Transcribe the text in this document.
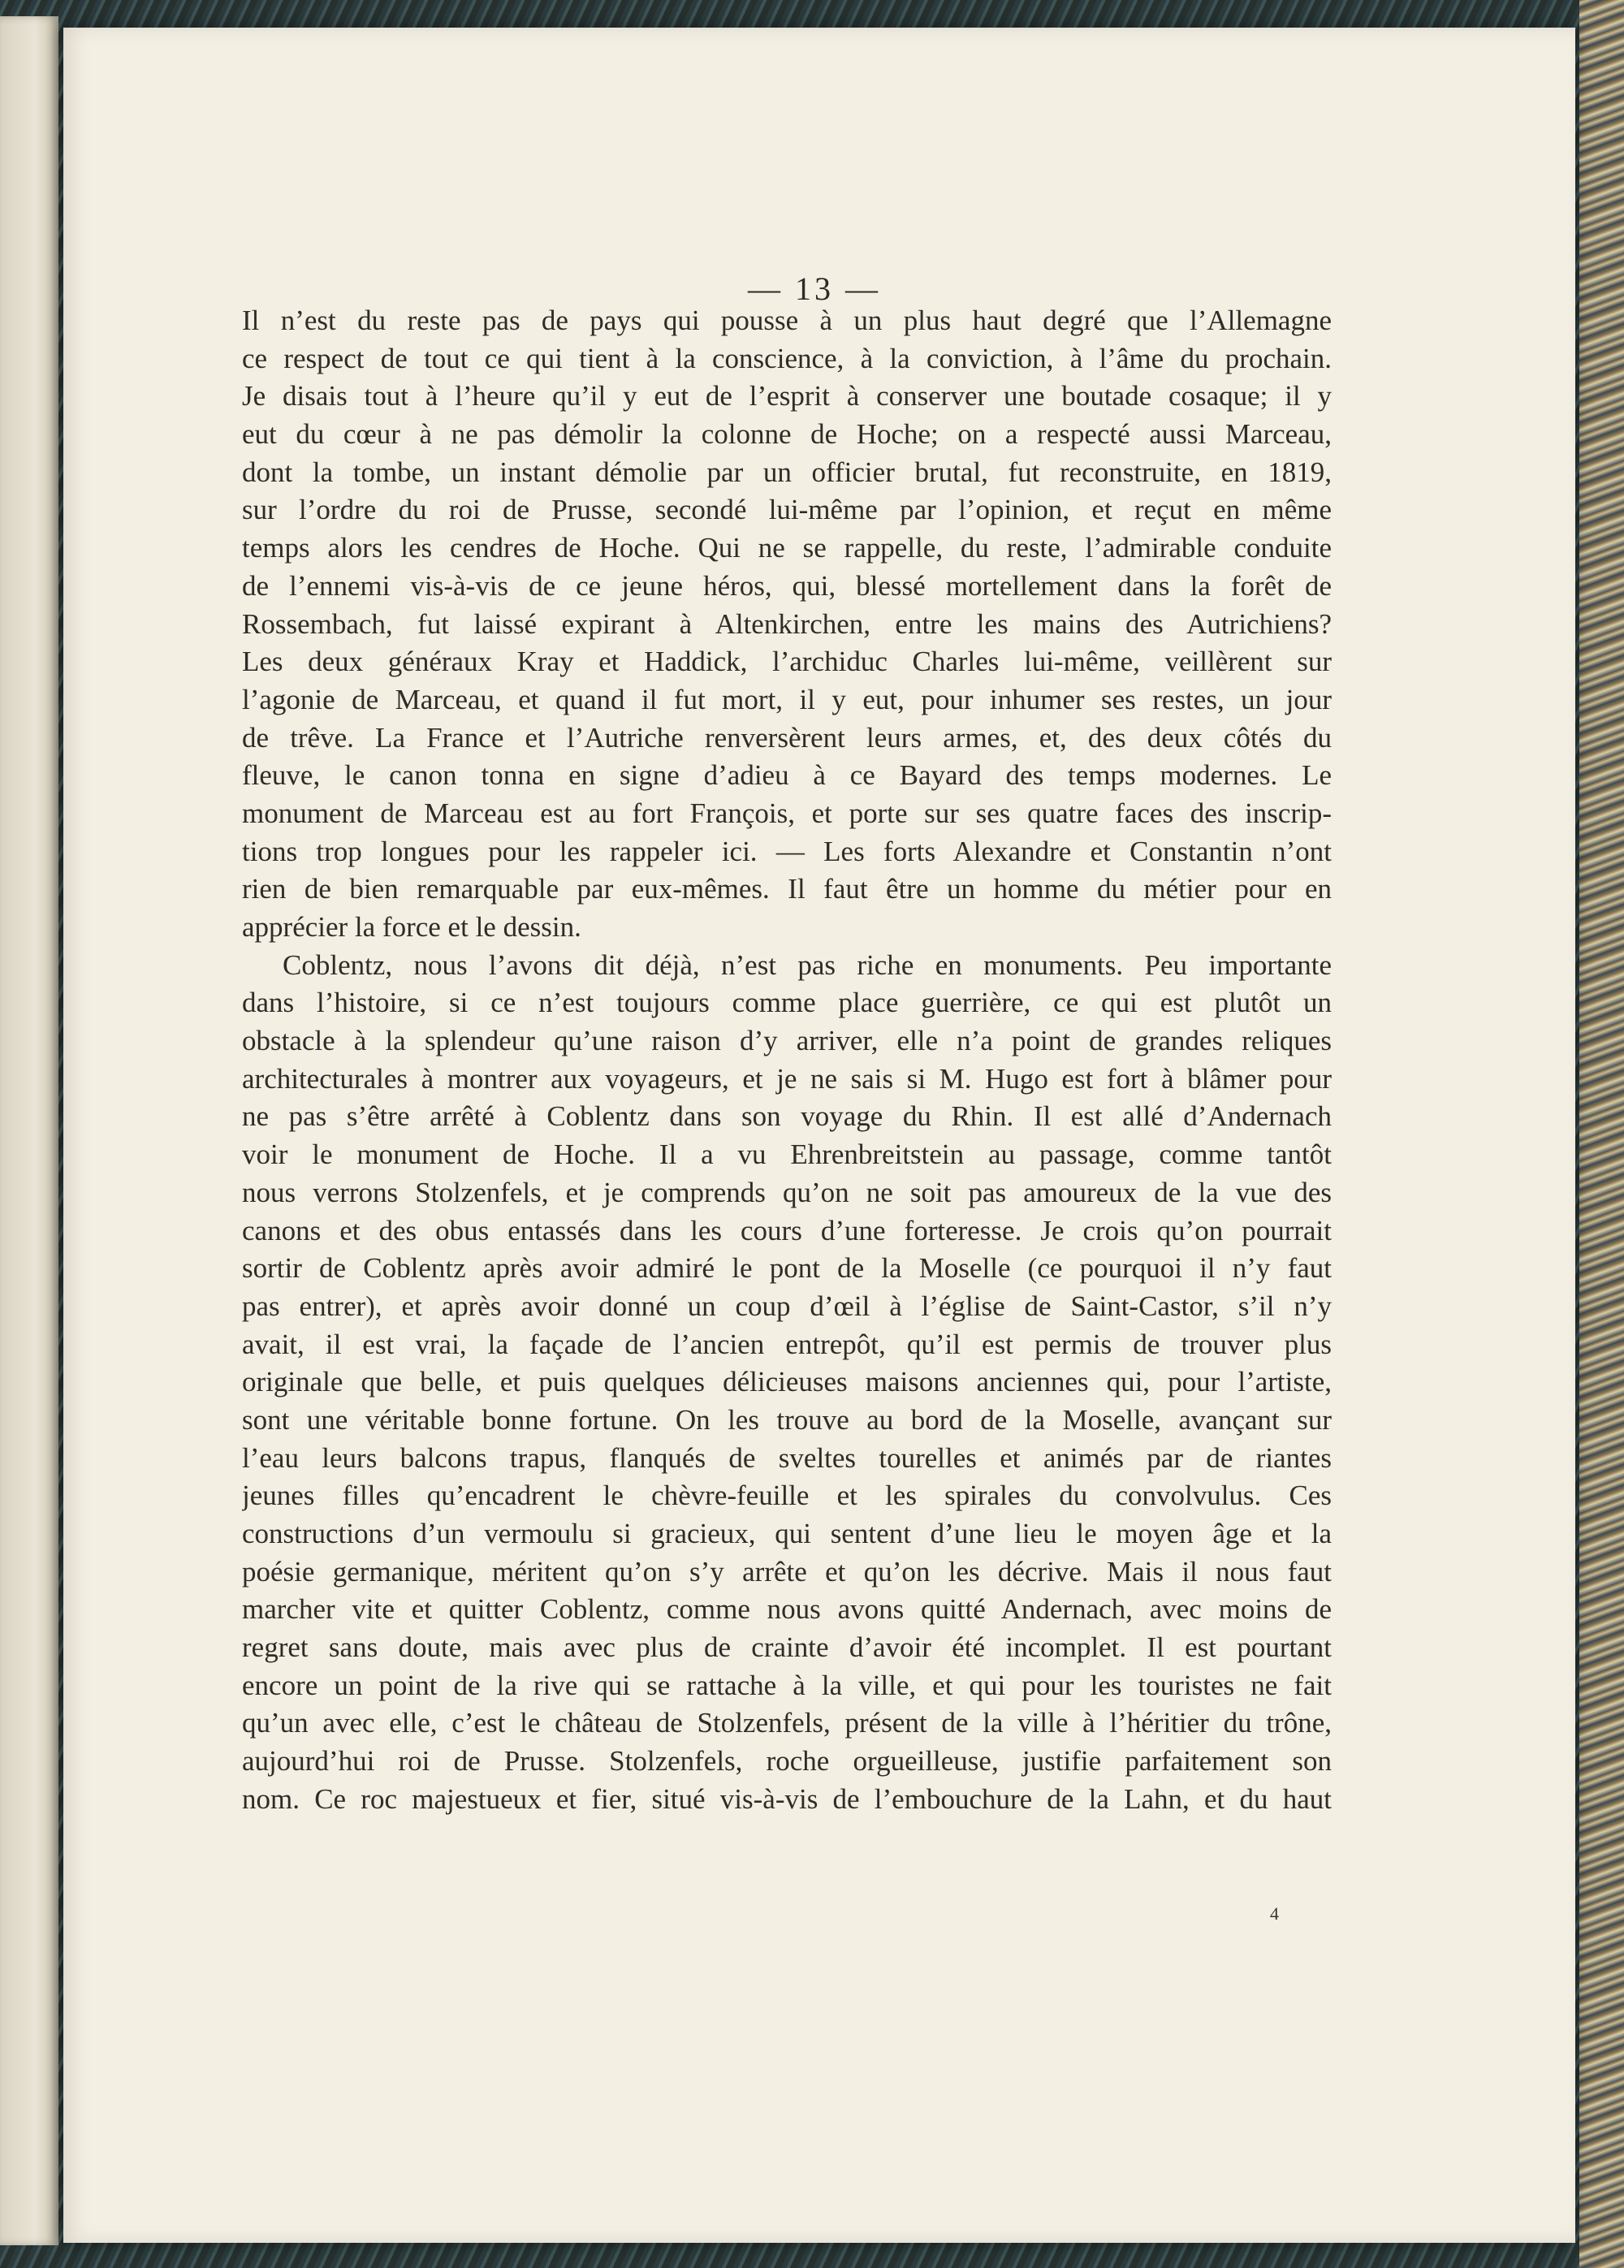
— 13 —
Il n’est du reste pas de pays qui pousse à un plus haut degré que l’Allemagne
ce respect de tout ce qui tient à la conscience, à la conviction, à l’âme du prochain.
Je disais tout à l’heure qu’il y eut de l’esprit à conserver une boutade cosaque; il y
eut du cœur à ne pas démolir la colonne de Hoche; on a respecté aussi Marceau,
dont la tombe, un instant démolie par un officier brutal, fut reconstruite, en 1819,
sur l’ordre du roi de Prusse, secondé lui-même par l’opinion, et reçut en même
temps alors les cendres de Hoche. Qui ne se rappelle, du reste, l’admirable conduite
de l’ennemi vis-à-vis de ce jeune héros, qui, blessé mortellement dans la forêt de
Rossembach, fut laissé expirant à Altenkirchen, entre les mains des Autrichiens?
Les deux généraux Kray et Haddick, l’archiduc Charles lui-même, veillèrent sur
l’agonie de Marceau, et quand il fut mort, il y eut, pour inhumer ses restes, un jour
de trêve. La France et l’Autriche renversèrent leurs armes, et, des deux côtés du
fleuve, le canon tonna en signe d’adieu à ce Bayard des temps modernes. Le
monument de Marceau est au fort François, et porte sur ses quatre faces des inscrip-
tions trop longues pour les rappeler ici. — Les forts Alexandre et Constantin n’ont
rien de bien remarquable par eux-mêmes. Il faut être un homme du métier pour en
apprécier la force et le dessin.
Coblentz, nous l’avons dit déjà, n’est pas riche en monuments. Peu importante
dans l’histoire, si ce n’est toujours comme place guerrière, ce qui est plutôt un
obstacle à la splendeur qu’une raison d’y arriver, elle n’a point de grandes reliques
architecturales à montrer aux voyageurs, et je ne sais si M. Hugo est fort à blâmer pour
ne pas s’être arrêté à Coblentz dans son voyage du Rhin. Il est allé d’Andernach
voir le monument de Hoche. Il a vu Ehrenbreitstein au passage, comme tantôt
nous verrons Stolzenfels, et je comprends qu’on ne soit pas amoureux de la vue des
canons et des obus entassés dans les cours d’une forteresse. Je crois qu’on pourrait
sortir de Coblentz après avoir admiré le pont de la Moselle (ce pourquoi il n’y faut
pas entrer), et après avoir donné un coup d’œil à l’église de Saint-Castor, s’il n’y
avait, il est vrai, la façade de l’ancien entrepôt, qu’il est permis de trouver plus
originale que belle, et puis quelques délicieuses maisons anciennes qui, pour l’artiste,
sont une véritable bonne fortune. On les trouve au bord de la Moselle, avançant sur
l’eau leurs balcons trapus, flanqués de sveltes tourelles et animés par de riantes
jeunes filles qu’encadrent le chèvre-feuille et les spirales du convolvulus. Ces
constructions d’un vermoulu si gracieux, qui sentent d’une lieu le moyen âge et la
poésie germanique, méritent qu’on s’y arrête et qu’on les décrive. Mais il nous faut
marcher vite et quitter Coblentz, comme nous avons quitté Andernach, avec moins de
regret sans doute, mais avec plus de crainte d’avoir été incomplet. Il est pourtant
encore un point de la rive qui se rattache à la ville, et qui pour les touristes ne fait
qu’un avec elle, c’est le château de Stolzenfels, présent de la ville à l’héritier du trône,
aujourd’hui roi de Prusse. Stolzenfels, roche orgueilleuse, justifie parfaitement son
nom. Ce roc majestueux et fier, situé vis-à-vis de l’embouchure de la Lahn, et du haut
4
